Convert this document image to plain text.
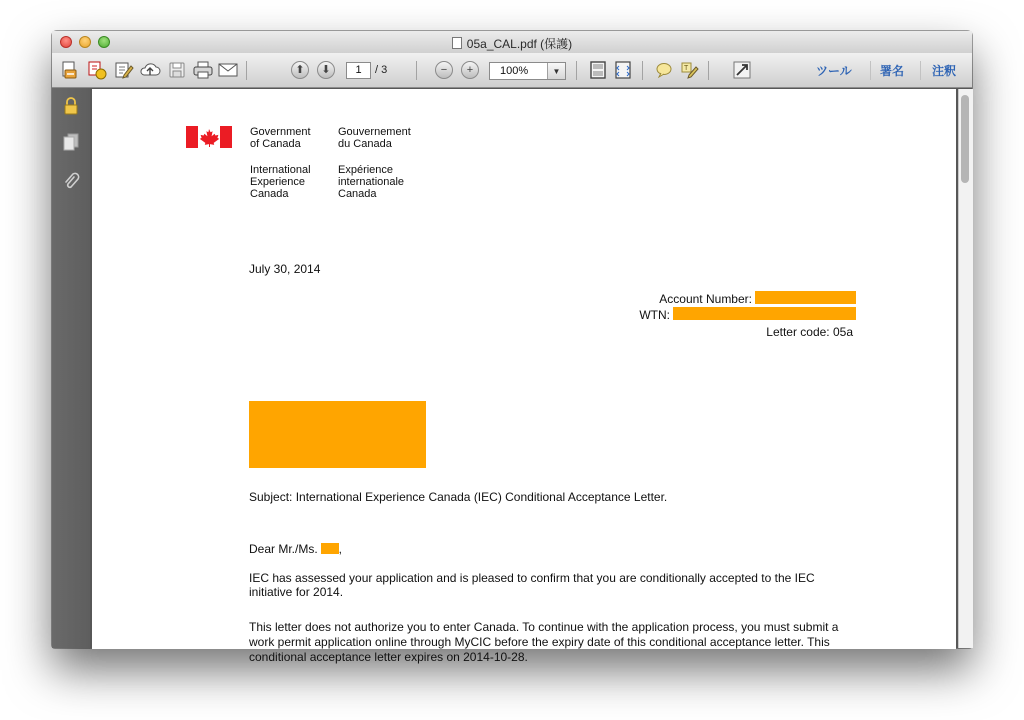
05a_CAL.pdf (保護)
⬆	⬇	1	/ 3	−	+	100%	▼	T	ツール 署名 注釈
Government
of Canada
Gouvernement
du Canada
International
Experience
Canada
Expérience
internationale
Canada
July 30, 2014
Account Number:
WTN:
Letter code: 05a
Subject: International Experience Canada (IEC) Conditional Acceptance Letter.
Dear Mr./Ms. ,
IEC has assessed your application and is pleased to confirm that you are conditionally accepted to the IEC initiative for 2014.
This letter does not authorize you to enter Canada. To continue with the application process, you must submit a work permit application online through MyCIC before the expiry date of this conditional acceptance letter. This conditional acceptance letter expires on 2014-10-28.
